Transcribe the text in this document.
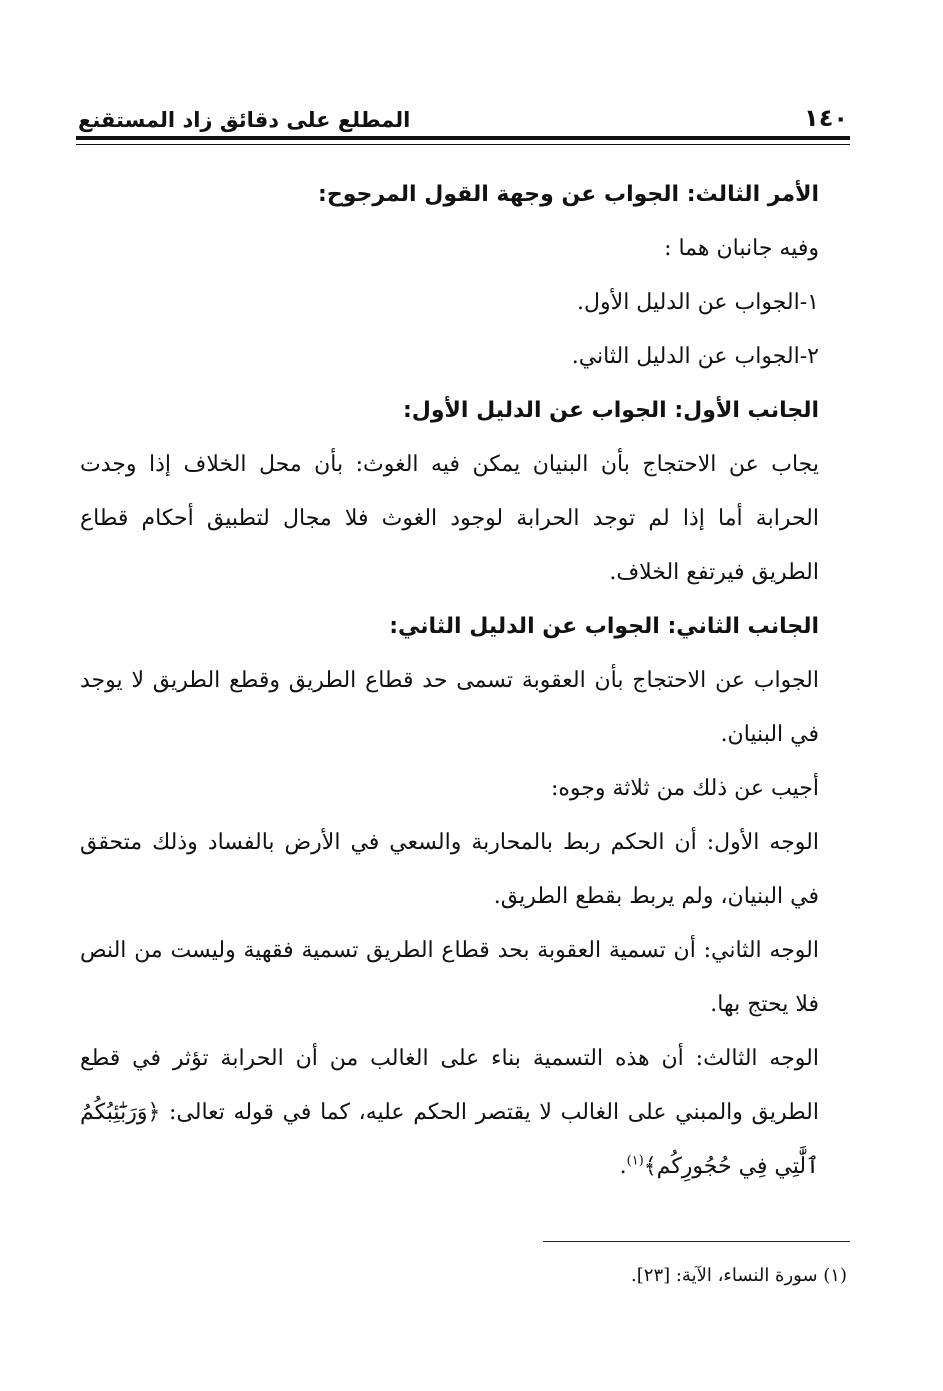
١٤٠
المطلع على دقائق زاد المستقنع

الأمر الثالث: الجواب عن وجهة القول المرجوح:

وفيه جانبان هما :

١-الجواب عن الدليل الأول.

٢-الجواب عن الدليل الثاني.

الجانب الأول: الجواب عن الدليل الأول:

يجاب عن الاحتجاج بأن البنيان يمكن فيه الغوث: بأن محل الخلاف إذا وجدت الحرابة أما إذا لم توجد الحرابة لوجود الغوث فلا مجال لتطبيق أحكام قطاع الطريق فيرتفع الخلاف.

الجانب الثاني: الجواب عن الدليل الثاني:

الجواب عن الاحتجاج بأن العقوبة تسمى حد قطاع الطريق وقطع الطريق لا يوجد في البنيان.

أجيب عن ذلك من ثلاثة وجوه:

الوجه الأول: أن الحكم ربط بالمحاربة والسعي في الأرض بالفساد وذلك متحقق في البنيان، ولم يربط بقطع الطريق.

الوجه الثاني: أن تسمية العقوبة بحد قطاع الطريق تسمية فقهية وليست من النص فلا يحتج بها.

الوجه الثالث: أن هذه التسمية بناء على الغالب من أن الحرابة تؤثر في قطع الطريق والمبني على الغالب لا يقتصر الحكم عليه، كما في قوله تعالى: ﴿وَرَبَٰٓئِبُكُمُ ٱلَّٰتِي فِي حُجُورِكُم﴾$^{(١)}$.

(١) سورة النساء، الآية: [٢٣].
